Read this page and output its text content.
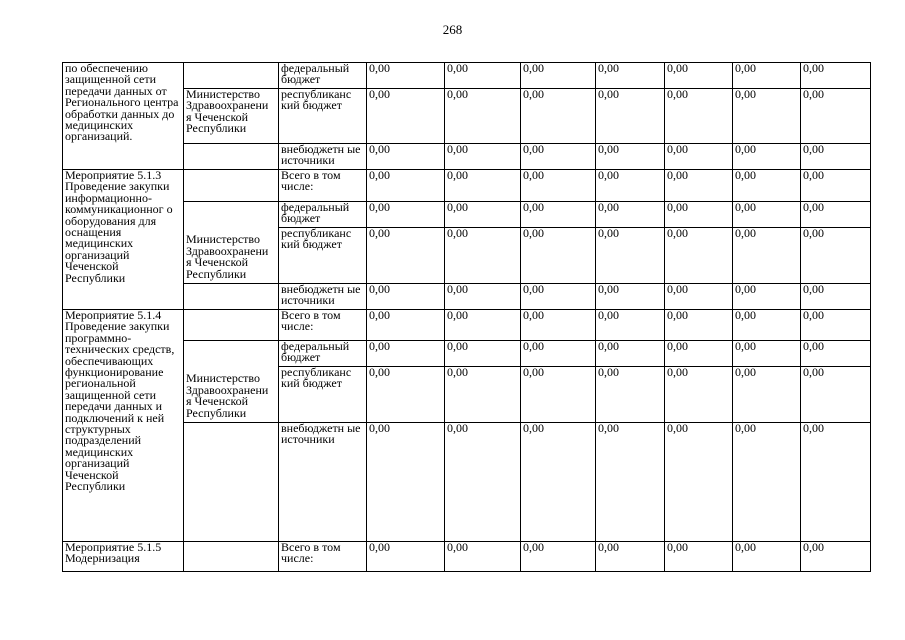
268
по обеспечению защищенной сети передачи данных от Регионального центра обработки данных до медицинских организаций.		федеральный бюджет	0,00	0,00	0,00	0,00	0,00	0,00	0,00
	Министерство Здравоохранени я Чеченской Республики	республиканс кий бюджет	0,00	0,00	0,00	0,00	0,00	0,00	0,00
		внебюджетн ые источники	0,00	0,00	0,00	0,00	0,00	0,00	0,00
Мероприятие 5.1.3 Проведение закупки информационно-коммуникационног о оборудования для оснащения медицинских организаций Чеченской Республики		Всего в том числе:	0,00	0,00	0,00	0,00	0,00	0,00	0,00
	Министерство Здравоохранени я Чеченской Республики	федеральный бюджет	0,00	0,00	0,00	0,00	0,00	0,00	0,00
		республиканс кий бюджет	0,00	0,00	0,00	0,00	0,00	0,00	0,00
		внебюджетн ые источники	0,00	0,00	0,00	0,00	0,00	0,00	0,00
Мероприятие 5.1.4 Проведение закупки программно-технических средств, обеспечивающих функционирование региональной защищенной сети передачи данных и подключений к ней структурных подразделений медицинских организаций Чеченской Республики		Всего в том числе:	0,00	0,00	0,00	0,00	0,00	0,00	0,00
	Министерство Здравоохранени я Чеченской Республики	федеральный бюджет	0,00	0,00	0,00	0,00	0,00	0,00	0,00
		республиканс кий бюджет	0,00	0,00	0,00	0,00	0,00	0,00	0,00
		внебюджетн ые источники	0,00	0,00	0,00	0,00	0,00	0,00	0,00
Мероприятие 5.1.5 Модернизация		Всего в том числе:	0,00	0,00	0,00	0,00	0,00	0,00	0,00
